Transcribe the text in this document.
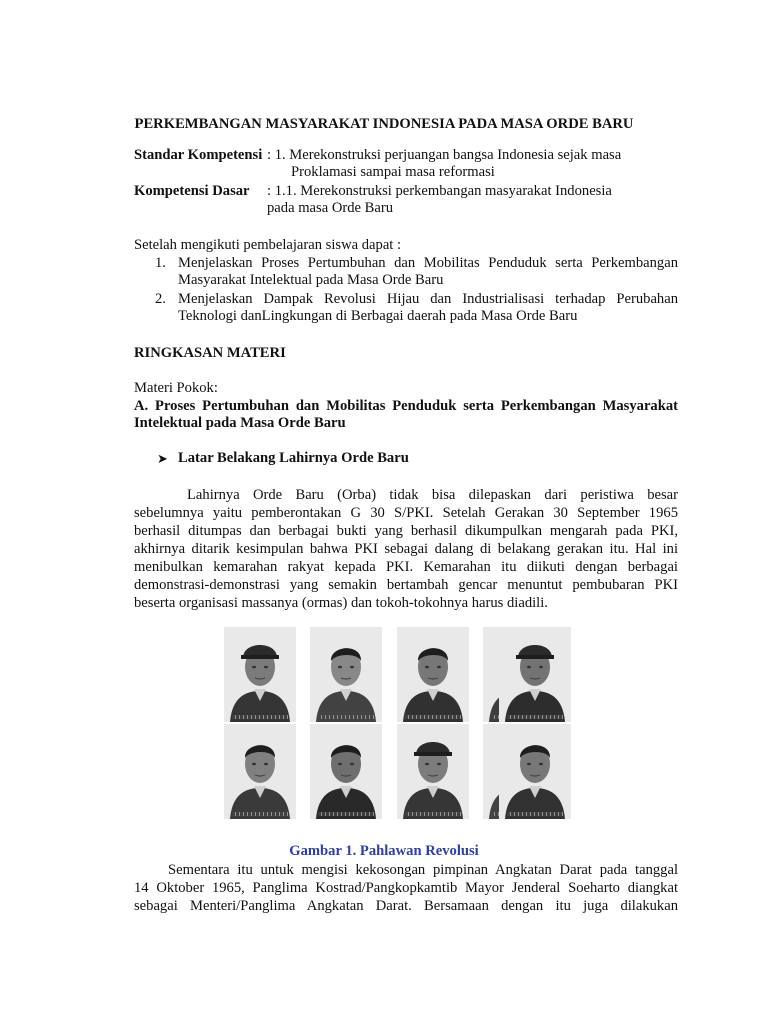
PERKEMBANGAN MASYARAKAT INDONESIA PADA MASA ORDE BARU
Standar Kompetensi : 1. Merekonstruksi perjuangan bangsa Indonesia sejak masa
Proklamasi sampai masa reformasi
Kompetensi Dasar : 1.1. Merekonstruksi perkembangan masyarakat Indonesia
pada masa Orde Baru
Setelah mengikuti pembelajaran siswa dapat :
1. Menjelaskan Proses Pertumbuhan dan Mobilitas Penduduk serta Perkembangan
Masyarakat Intelektual pada Masa Orde Baru
2. Menjelaskan Dampak Revolusi Hijau dan Industrialisasi terhadap Perubahan
Teknologi danLingkungan di Berbagai daerah pada Masa Orde Baru
RINGKASAN MATERI
Materi Pokok:
A. Proses Pertumbuhan dan Mobilitas Penduduk serta Perkembangan Masyarakat
Intelektual pada Masa Orde Baru
➤ Latar Belakang Lahirnya Orde Baru
Lahirnya Orde Baru (Orba) tidak bisa dilepaskan dari peristiwa besar
sebelumnya yaitu pemberontakan G 30 S/PKI. Setelah Gerakan 30 September 1965
berhasil ditumpas dan berbagai bukti yang berhasil dikumpulkan mengarah pada PKI,
akhirnya ditarik kesimpulan bahwa PKI sebagai dalang di belakang gerakan itu. Hal ini
menibulkan kemarahan rakyat kepada PKI. Kemarahan itu diikuti dengan berbagai
demonstrasi-demonstrasi yang semakin bertambah gencar menuntut pembubaran PKI
beserta organisasi massanya (ormas) dan tokoh-tokohnya harus diadili.
Gambar 1. Pahlawan Revolusi
Sementara itu untuk mengisi kekosongan pimpinan Angkatan Darat pada tanggal
14 Oktober 1965, Panglima Kostrad/Pangkopkamtib Mayor Jenderal Soeharto diangkat
sebagai Menteri/Panglima Angkatan Darat. Bersamaan dengan itu juga dilakukan
